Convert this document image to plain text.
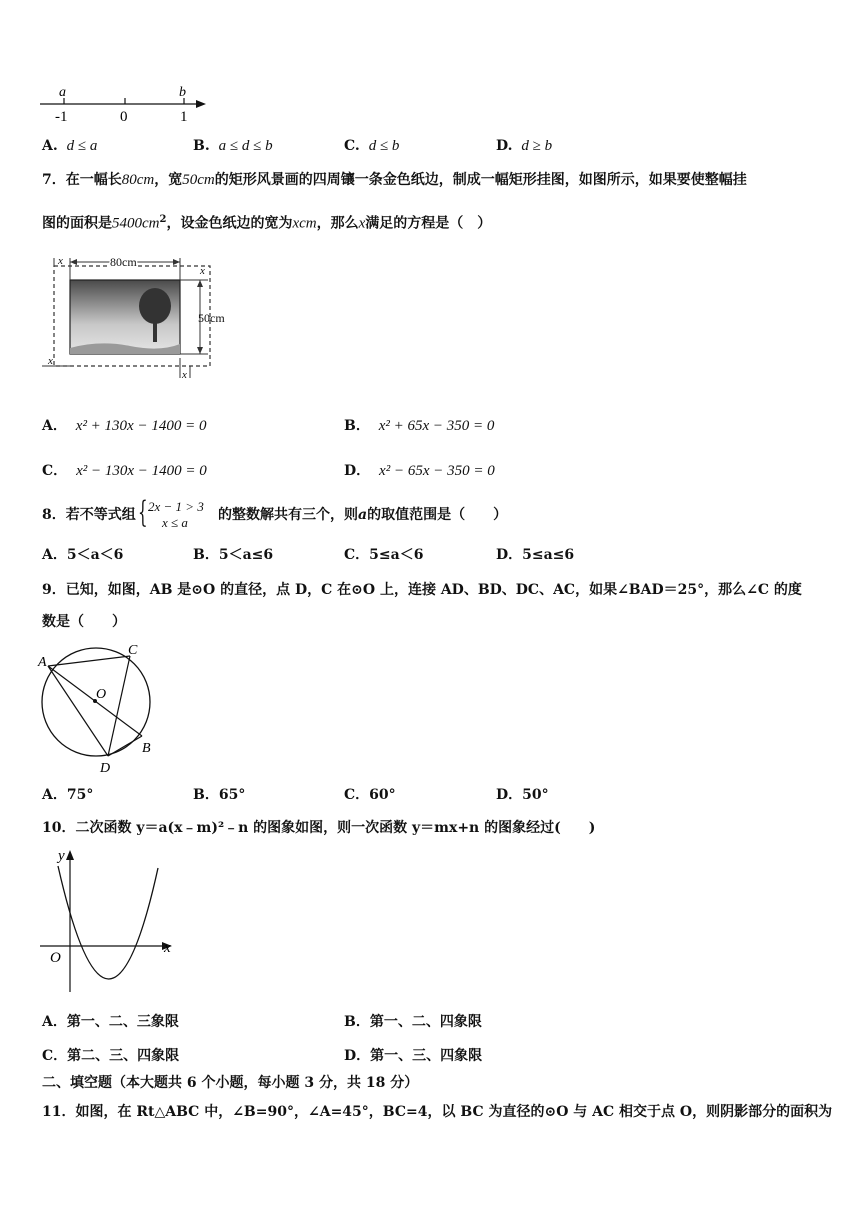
a	b
-1	0	1
A. d ≤ a	B. a ≤ d ≤ b	C. d ≤ b	D. d ≥ b
7．在一幅长80cm，宽50cm的矩形风景画的四周镶一条金色纸边，制成一幅矩形挂图，如图所示，如果要使整幅挂
图的面积是$5400cm^2$，设金色纸边的宽为xcm，那么x满足的方程是（　）
80cm
x
x
50cm
x
x
A． x² + 130x − 1400 = 0	B． x² + 65x − 350 = 0
C． x² − 130x − 1400 = 0	D． x² − 65x − 350 = 0
8．若不等式组 { 2x − 1 > 3
x ≤ a 的整数解共有三个，则a的取值范围是（　　）
A．5＜a＜6	B．5＜a≤6	C．5≤a＜6	D．5≤a≤6
9．已知，如图，AB 是⊙O 的直径，点 D，C 在⊙O 上，连接 AD、BD、DC、AC，如果∠BAD＝25°，那么∠C 的度
数是（　　）
A
B
C
D
O
A．75°	B．65°	C．60°	D．50°
10．二次函数 y＝a(x﹣m)²﹣n 的图象如图，则一次函数 y＝mx+n 的图象经过(　　)
y
x
O
A．第一、二、三象限	B．第一、二、四象限
C．第二、三、四象限	D．第一、三、四象限
二、填空题（本大题共 6 个小题，每小题 3 分，共 18 分）
11．如图，在 Rt△ABC 中，∠B=90°，∠A=45°，BC=4，以 BC 为直径的⊙O 与 AC 相交于点 O，则阴影部分的面积为
